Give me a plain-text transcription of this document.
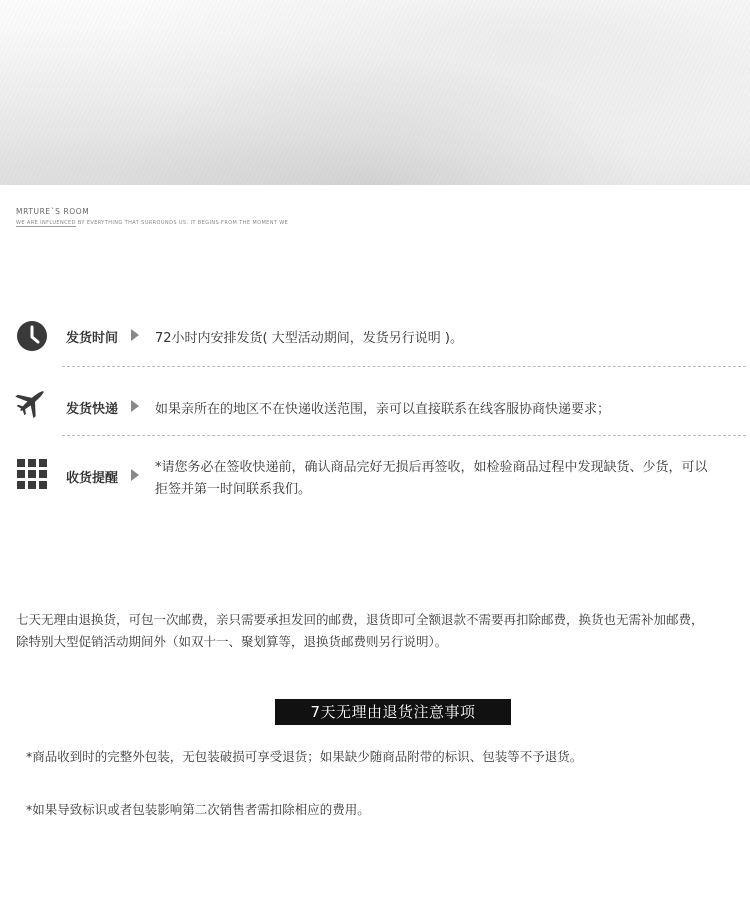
MRTURE`S ROOM
WE ARE INFLUENCED BY EVERYTHING THAT SURROUNDS US. IT BEGINS FROM THE MOMENT WE
发货时间	72小时内安排发货( 大型活动期间，发货另行说明 )。
发货快递	如果亲所在的地区不在快递收送范围，亲可以直接联系在线客服协商快递要求；
收货提醒
*请您务必在签收快递前，确认商品完好无损后再签收，如检验商品过程中发现缺货、少货，可以
拒签并第一时间联系我们。
七天无理由退换货，可包一次邮费，亲只需要承担发回的邮费，退货即可全额退款不需要再扣除邮费，换货也无需补加邮费，
除特别大型促销活动期间外（如双十一、聚划算等，退换货邮费则另行说明）。
7天无理由退货注意事项
*商品收到时的完整外包装，无包装破损可享受退货；如果缺少随商品附带的标识、包装等不予退货。
*如果导致标识或者包装影响第二次销售者需扣除相应的费用。
